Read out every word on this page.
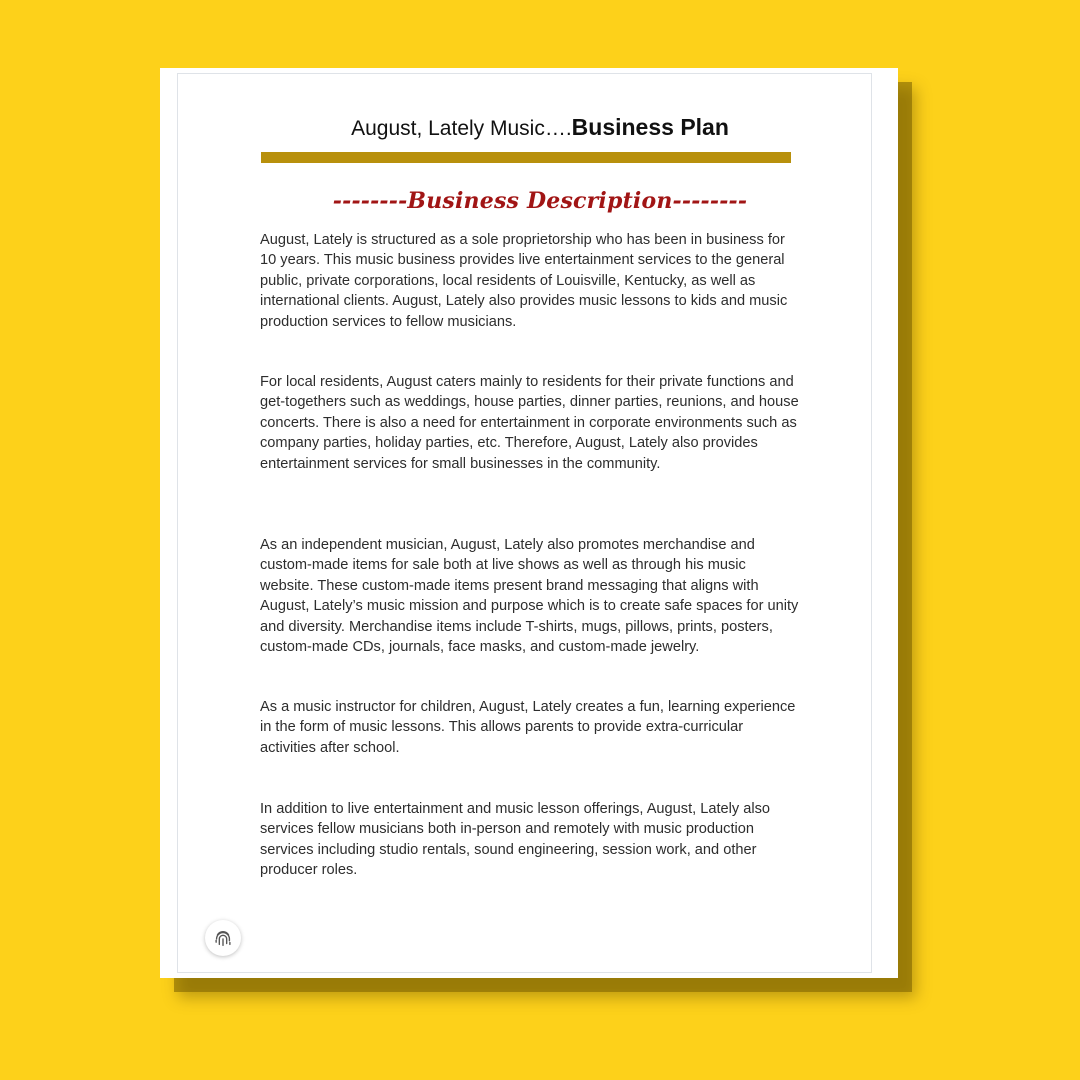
August, Lately Music….Business Plan
--------Business Description--------
August, Lately is structured as a sole proprietorship who has been in business for 10 years. This music business provides live entertainment services to the general public, private corporations, local residents of Louisville, Kentucky, as well as international clients. August, Lately also provides music lessons to kids and music production services to fellow musicians.
For local residents, August caters mainly to residents for their private functions and get-togethers such as weddings, house parties, dinner parties, reunions, and house concerts. There is also a need for entertainment in corporate environments such as company parties, holiday parties, etc. Therefore, August, Lately also provides entertainment services for small businesses in the community.
As an independent musician, August, Lately also promotes merchandise and custom-made items for sale both at live shows as well as through his music website. These custom-made items present brand messaging that aligns with August, Lately’s music mission and purpose which is to create safe spaces for unity and diversity. Merchandise items include T-shirts, mugs, pillows, prints, posters, custom-made CDs, journals, face masks, and custom-made jewelry.
As a music instructor for children, August, Lately creates a fun, learning experience in the form of music lessons. This allows parents to provide extra-curricular activities after school.
In addition to live entertainment and music lesson offerings, August, Lately also services fellow musicians both in-person and remotely with music production services including studio rentals, sound engineering, session work, and other producer roles.
